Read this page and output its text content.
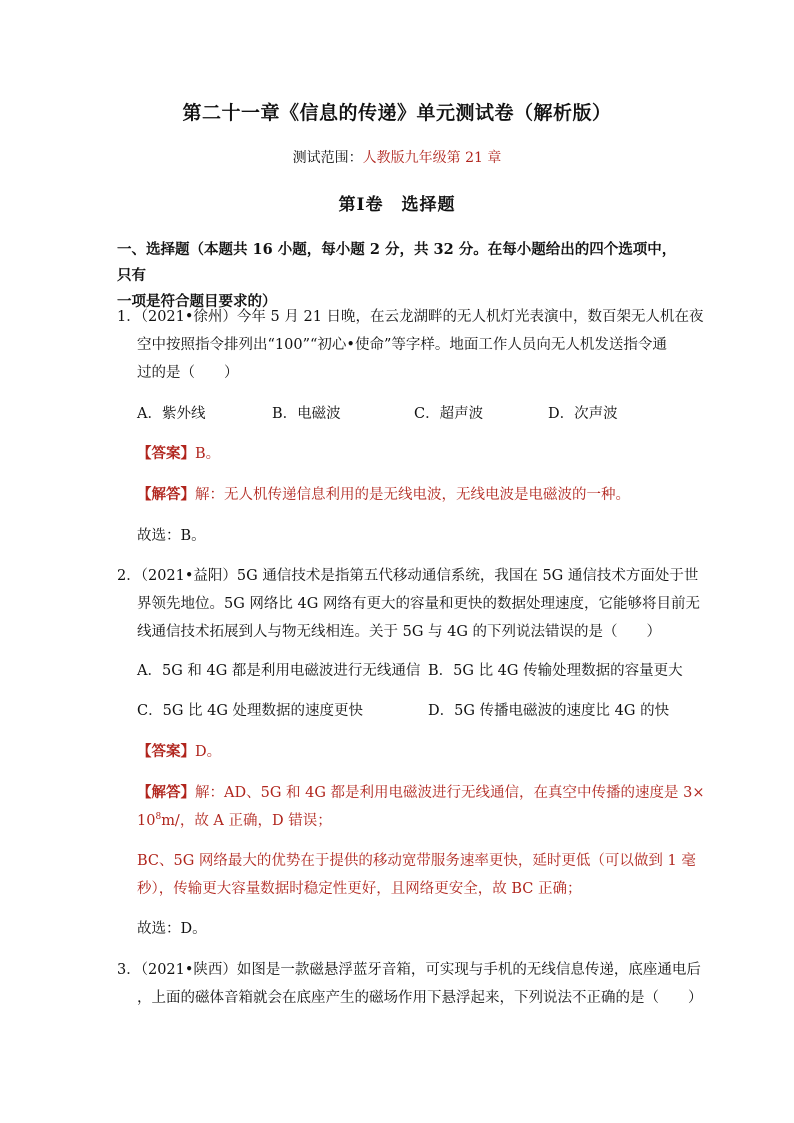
第二十一章《信息的传递》单元测试卷（解析版）
测试范围：人教版九年级第 21 章
第Ⅰ卷　选择题
一、选择题（本题共 16 小题，每小题 2 分，共 32 分。在每小题给出的四个选项中，只有
一项是符合题目要求的）
1．（2021•徐州）今年 5 月 21 日晚，在云龙湖畔的无人机灯光表演中，数百架无人机在夜
空中按照指令排列出“100”“初心•使命”等字样。地面工作人员向无人机发送指令通
过的是（　　）
A．紫外线	B．电磁波	C．超声波	D．次声波
【答案】B。
【解答】解：无人机传递信息利用的是无线电波，无线电波是电磁波的一种。
故选：B。
2．（2021•益阳）5G 通信技术是指第五代移动通信系统，我国在 5G 通信技术方面处于世
界领先地位。5G 网络比 4G 网络有更大的容量和更快的数据处理速度，它能够将目前无
线通信技术拓展到人与物无线相连。关于 5G 与 4G 的下列说法错误的是（　　）
A．5G 和 4G 都是利用电磁波进行无线通信 B．5G 比 4G 传输处理数据的容量更大
C．5G 比 4G 处理数据的速度更快	D．5G 传播电磁波的速度比 4G 的快
【答案】D。
【解答】解：AD、5G 和 4G 都是利用电磁波进行无线通信，在真空中传播的速度是 3×
$10^8m/$，故 A 正确，D 错误；
BC、5G 网络最大的优势在于提供的移动宽带服务速率更快，延时更低（可以做到 1 毫
秒），传输更大容量数据时稳定性更好，且网络更安全，故 BC 正确；
故选：D。
3．（2021•陕西）如图是一款磁悬浮蓝牙音箱，可实现与手机的无线信息传递，底座通电后
，上面的磁体音箱就会在底座产生的磁场作用下悬浮起来，下列说法不正确的是（　　）
